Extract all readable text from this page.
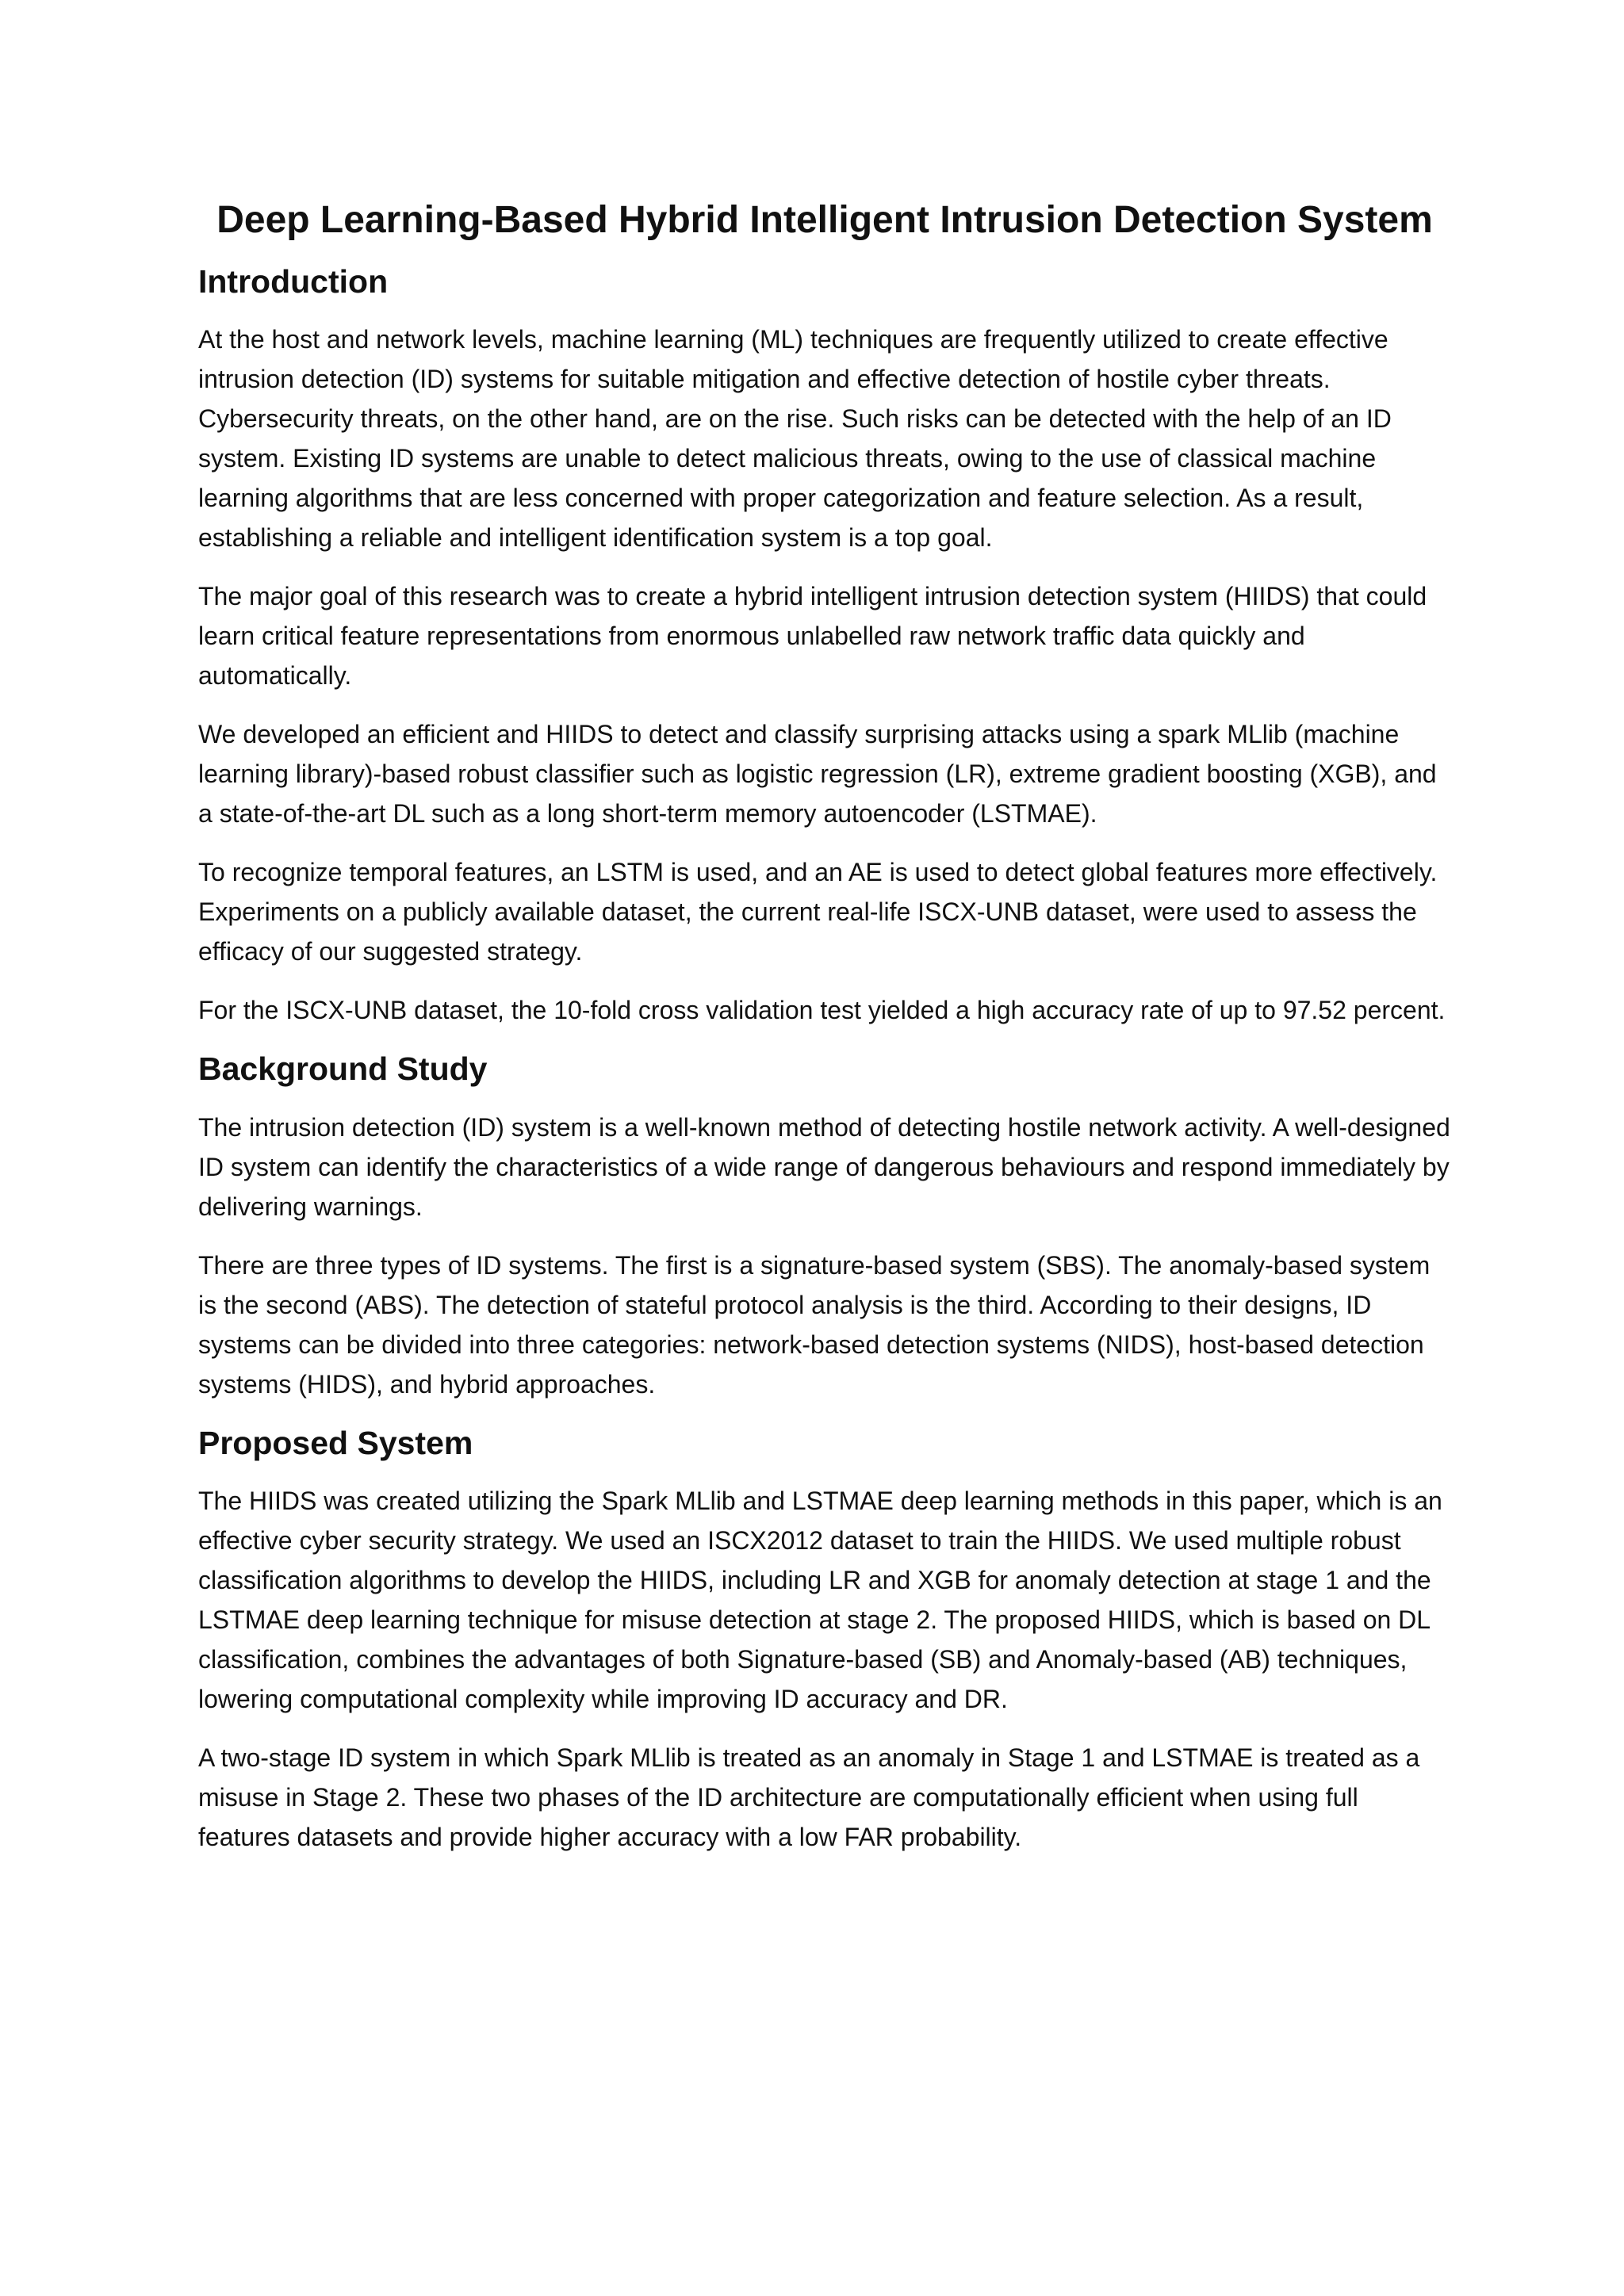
Deep Learning-Based Hybrid Intelligent Intrusion Detection System
Introduction

At the host and network levels, machine learning (ML) techniques are frequently utilized to create effective intrusion detection (ID) systems for suitable mitigation and effective detection of hostile cyber threats. Cybersecurity threats, on the other hand, are on the rise. Such risks can be detected with the help of an ID system. Existing ID systems are unable to detect malicious threats, owing to the use of classical machine learning algorithms that are less concerned with proper categorization and feature selection. As a result, establishing a reliable and intelligent identification system is a top goal.

The major goal of this research was to create a hybrid intelligent intrusion detection system (HIIDS) that could learn critical feature representations from enormous unlabelled raw network traffic data quickly and automatically.

We developed an efficient and HIIDS to detect and classify surprising attacks using a spark MLlib (machine learning library)-based robust classifier such as logistic regression (LR), extreme gradient boosting (XGB), and a state-of-the-art DL such as a long short-term memory autoencoder (LSTMAE).

To recognize temporal features, an LSTM is used, and an AE is used to detect global features more effectively. Experiments on a publicly available dataset, the current real-life ISCX-UNB dataset, were used to assess the efficacy of our suggested strategy.

For the ISCX-UNB dataset, the 10-fold cross validation test yielded a high accuracy rate of up to 97.52 percent.

Background Study

The intrusion detection (ID) system is a well-known method of detecting hostile network activity. A well-designed ID system can identify the characteristics of a wide range of dangerous behaviours and respond immediately by delivering warnings.

There are three types of ID systems. The first is a signature-based system (SBS). The anomaly-based system is the second (ABS). The detection of stateful protocol analysis is the third. According to their designs, ID systems can be divided into three categories: network-based detection systems (NIDS), host-based detection systems (HIDS), and hybrid approaches.

Proposed System

The HIIDS was created utilizing the Spark MLlib and LSTMAE deep learning methods in this paper, which is an effective cyber security strategy. We used an ISCX2012 dataset to train the HIIDS. We used multiple robust classification algorithms to develop the HIIDS, including LR and XGB for anomaly detection at stage 1 and the LSTMAE deep learning technique for misuse detection at stage 2. The proposed HIIDS, which is based on DL classification, combines the advantages of both Signature-based (SB) and Anomaly-based (AB) techniques, lowering computational complexity while improving ID accuracy and DR.

A two-stage ID system in which Spark MLlib is treated as an anomaly in Stage 1 and LSTMAE is treated as a misuse in Stage 2. These two phases of the ID architecture are computationally efficient when using full features datasets and provide higher accuracy with a low FAR probability.
